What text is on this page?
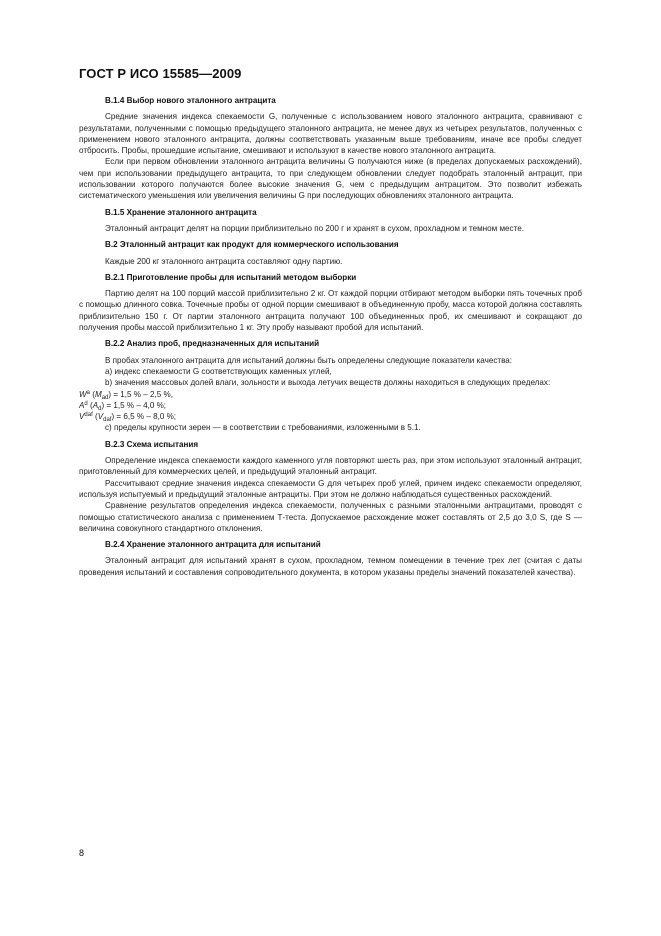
ГОСТ Р ИСО 15585—2009
В.1.4 Выбор нового эталонного антрацита

Средние значения индекса спекаемости G, полученные с использованием нового эталонного антрацита, сравнивают с результатами, полученными с помощью предыдущего эталонного антрацита, не менее двух из четырех результатов, полученных с применением нового эталонного антрацита, должны соответствовать указанным выше требованиям, иначе все пробы следует отбросить. Пробы, прошедшие испытание, смешивают и используют в качестве нового эталонного антрацита.

Если при первом обновлении эталонного антрацита величины G получаются ниже (в пределах допускаемых расхождений), чем при использовании предыдущего антрацита, то при следующем обновлении следует подобрать эталонный антрацит, при использовании которого получаются более высокие значения G, чем с предыдущим антрацитом. Это позволит избежать систематического уменьшения или увеличения величины G при последующих обновлениях эталонного антрацита.

В.1.5 Хранение эталонного антрацита

Эталонный антрацит делят на порции приблизительно по 200 г и хранят в сухом, прохладном и темном месте.

В.2 Эталонный антрацит как продукт для коммерческого использования

Каждые 200 кг эталонного антрацита составляют одну партию.

В.2.1 Приготовление пробы для испытаний методом выборки

Партию делят на 100 порций массой приблизительно 2 кг. От каждой порции отбирают методом выборки пять точечных проб с помощью длинного совка. Точечные пробы от одной порции смешивают в объединенную пробу, масса которой должна составлять приблизительно 150 г. От партии эталонного антрацита получают 100 объединенных проб, их смешивают и сокращают до получения пробы массой приблизительно 1 кг. Эту пробу называют пробой для испытаний.

В.2.2 Анализ проб, предназначенных для испытаний

В пробах эталонного антрацита для испытаний должны быть определены следующие показатели качества:

а) индекс спекаемости G соответствующих каменных углей,

b) значения массовых долей влаги, зольности и выхода летучих веществ должны находиться в следующих пределах:

$W^a$ $(M_{ad}) = 1,5$ % – 2,5 %,
$A^d$ $(A_d) = 1,5$ % – 4,0 %;
$V^{daf}$ $(V_{daf}) = 6,5$ % – 8,0 %;

с) пределы крупности зерен — в соответствии с требованиями, изложенными в 5.1.

В.2.3 Схема испытания

Определение индекса спекаемости каждого каменного угля повторяют шесть раз, при этом используют эталонный антрацит, приготовленный для коммерческих целей, и предыдущий эталонный антрацит.

Рассчитывают средние значения индекса спекаемости G для четырех проб углей, причем индекс спекаемости определяют, используя испытуемый и предыдущий эталонные антрациты. При этом не должно наблюдаться существенных расхождений.

Сравнение результатов определения индекса спекаемости, полученных с разными эталонными антрацитами, проводят с помощью статистического анализа с применением Т-теста. Допускаемое расхождение может составлять от 2,5 до 3,0 S, где S — величина совокупного стандартного отклонения.

В.2.4 Хранение эталонного антрацита для испытаний

Эталонный антрацит для испытаний хранят в сухом, прохладном, темном помещении в течение трех лет (считая с даты проведения испытаний и составления сопроводительного документа, в котором указаны пределы значений показателей качества).

8
